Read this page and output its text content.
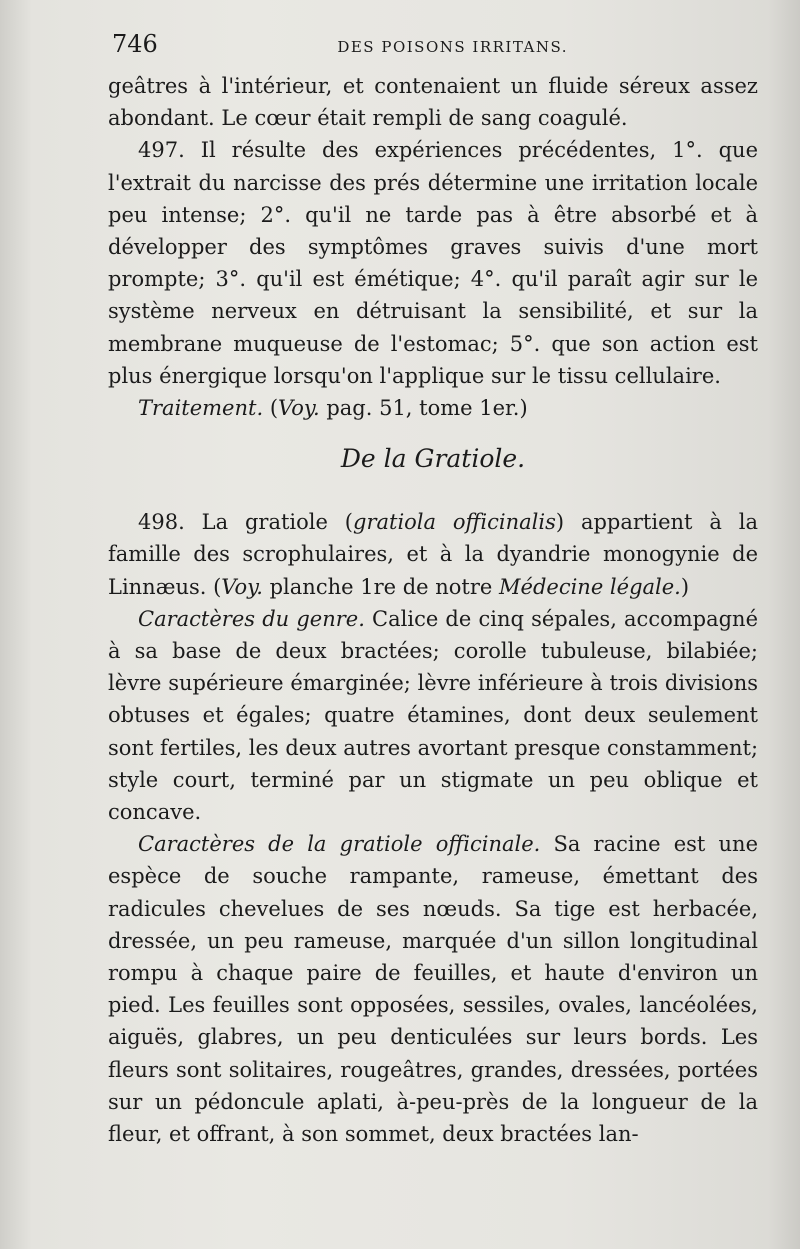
746	DES POISONS IRRITANS.

geâtres à l'intérieur, et contenaient un fluide séreux assez abondant. Le cœur était rempli de sang coagulé.

497. Il résulte des expériences précédentes, 1°. que l'extrait du narcisse des prés détermine une irritation locale peu intense; 2°. qu'il ne tarde pas à être absorbé et à développer des symptômes graves suivis d'une mort prompte; 3°. qu'il est émétique; 4°. qu'il paraît agir sur le système nerveux en détruisant la sensibilité, et sur la membrane muqueuse de l'estomac; 5°. que son action est plus énergique lorsqu'on l'applique sur le tissu cellulaire.

Traitement. (Voy. pag. 51, tome 1er.)

De la Gratiole.

498. La gratiole (gratiola officinalis) appartient à la famille des scrophulaires, et à la dyandrie monogynie de Linnæus. (Voy. planche 1re de notre Médecine légale.)

Caractères du genre. Calice de cinq sépales, accompagné à sa base de deux bractées; corolle tubuleuse, bilabiée; lèvre supérieure émarginée; lèvre inférieure à trois divisions obtuses et égales; quatre étamines, dont deux seulement sont fertiles, les deux autres avortant presque constamment; style court, terminé par un stigmate un peu oblique et concave.

Caractères de la gratiole officinale. Sa racine est une espèce de souche rampante, rameuse, émettant des radicules chevelues de ses nœuds. Sa tige est herbacée, dressée, un peu rameuse, marquée d'un sillon longitudinal rompu à chaque paire de feuilles, et haute d'environ un pied. Les feuilles sont opposées, sessiles, ovales, lancéolées, aiguës, glabres, un peu denticulées sur leurs bords. Les fleurs sont solitaires, rougeâtres, grandes, dressées, portées sur un pédoncule aplati, à-peu-près de la longueur de la fleur, et offrant, à son sommet, deux bractées lan-
